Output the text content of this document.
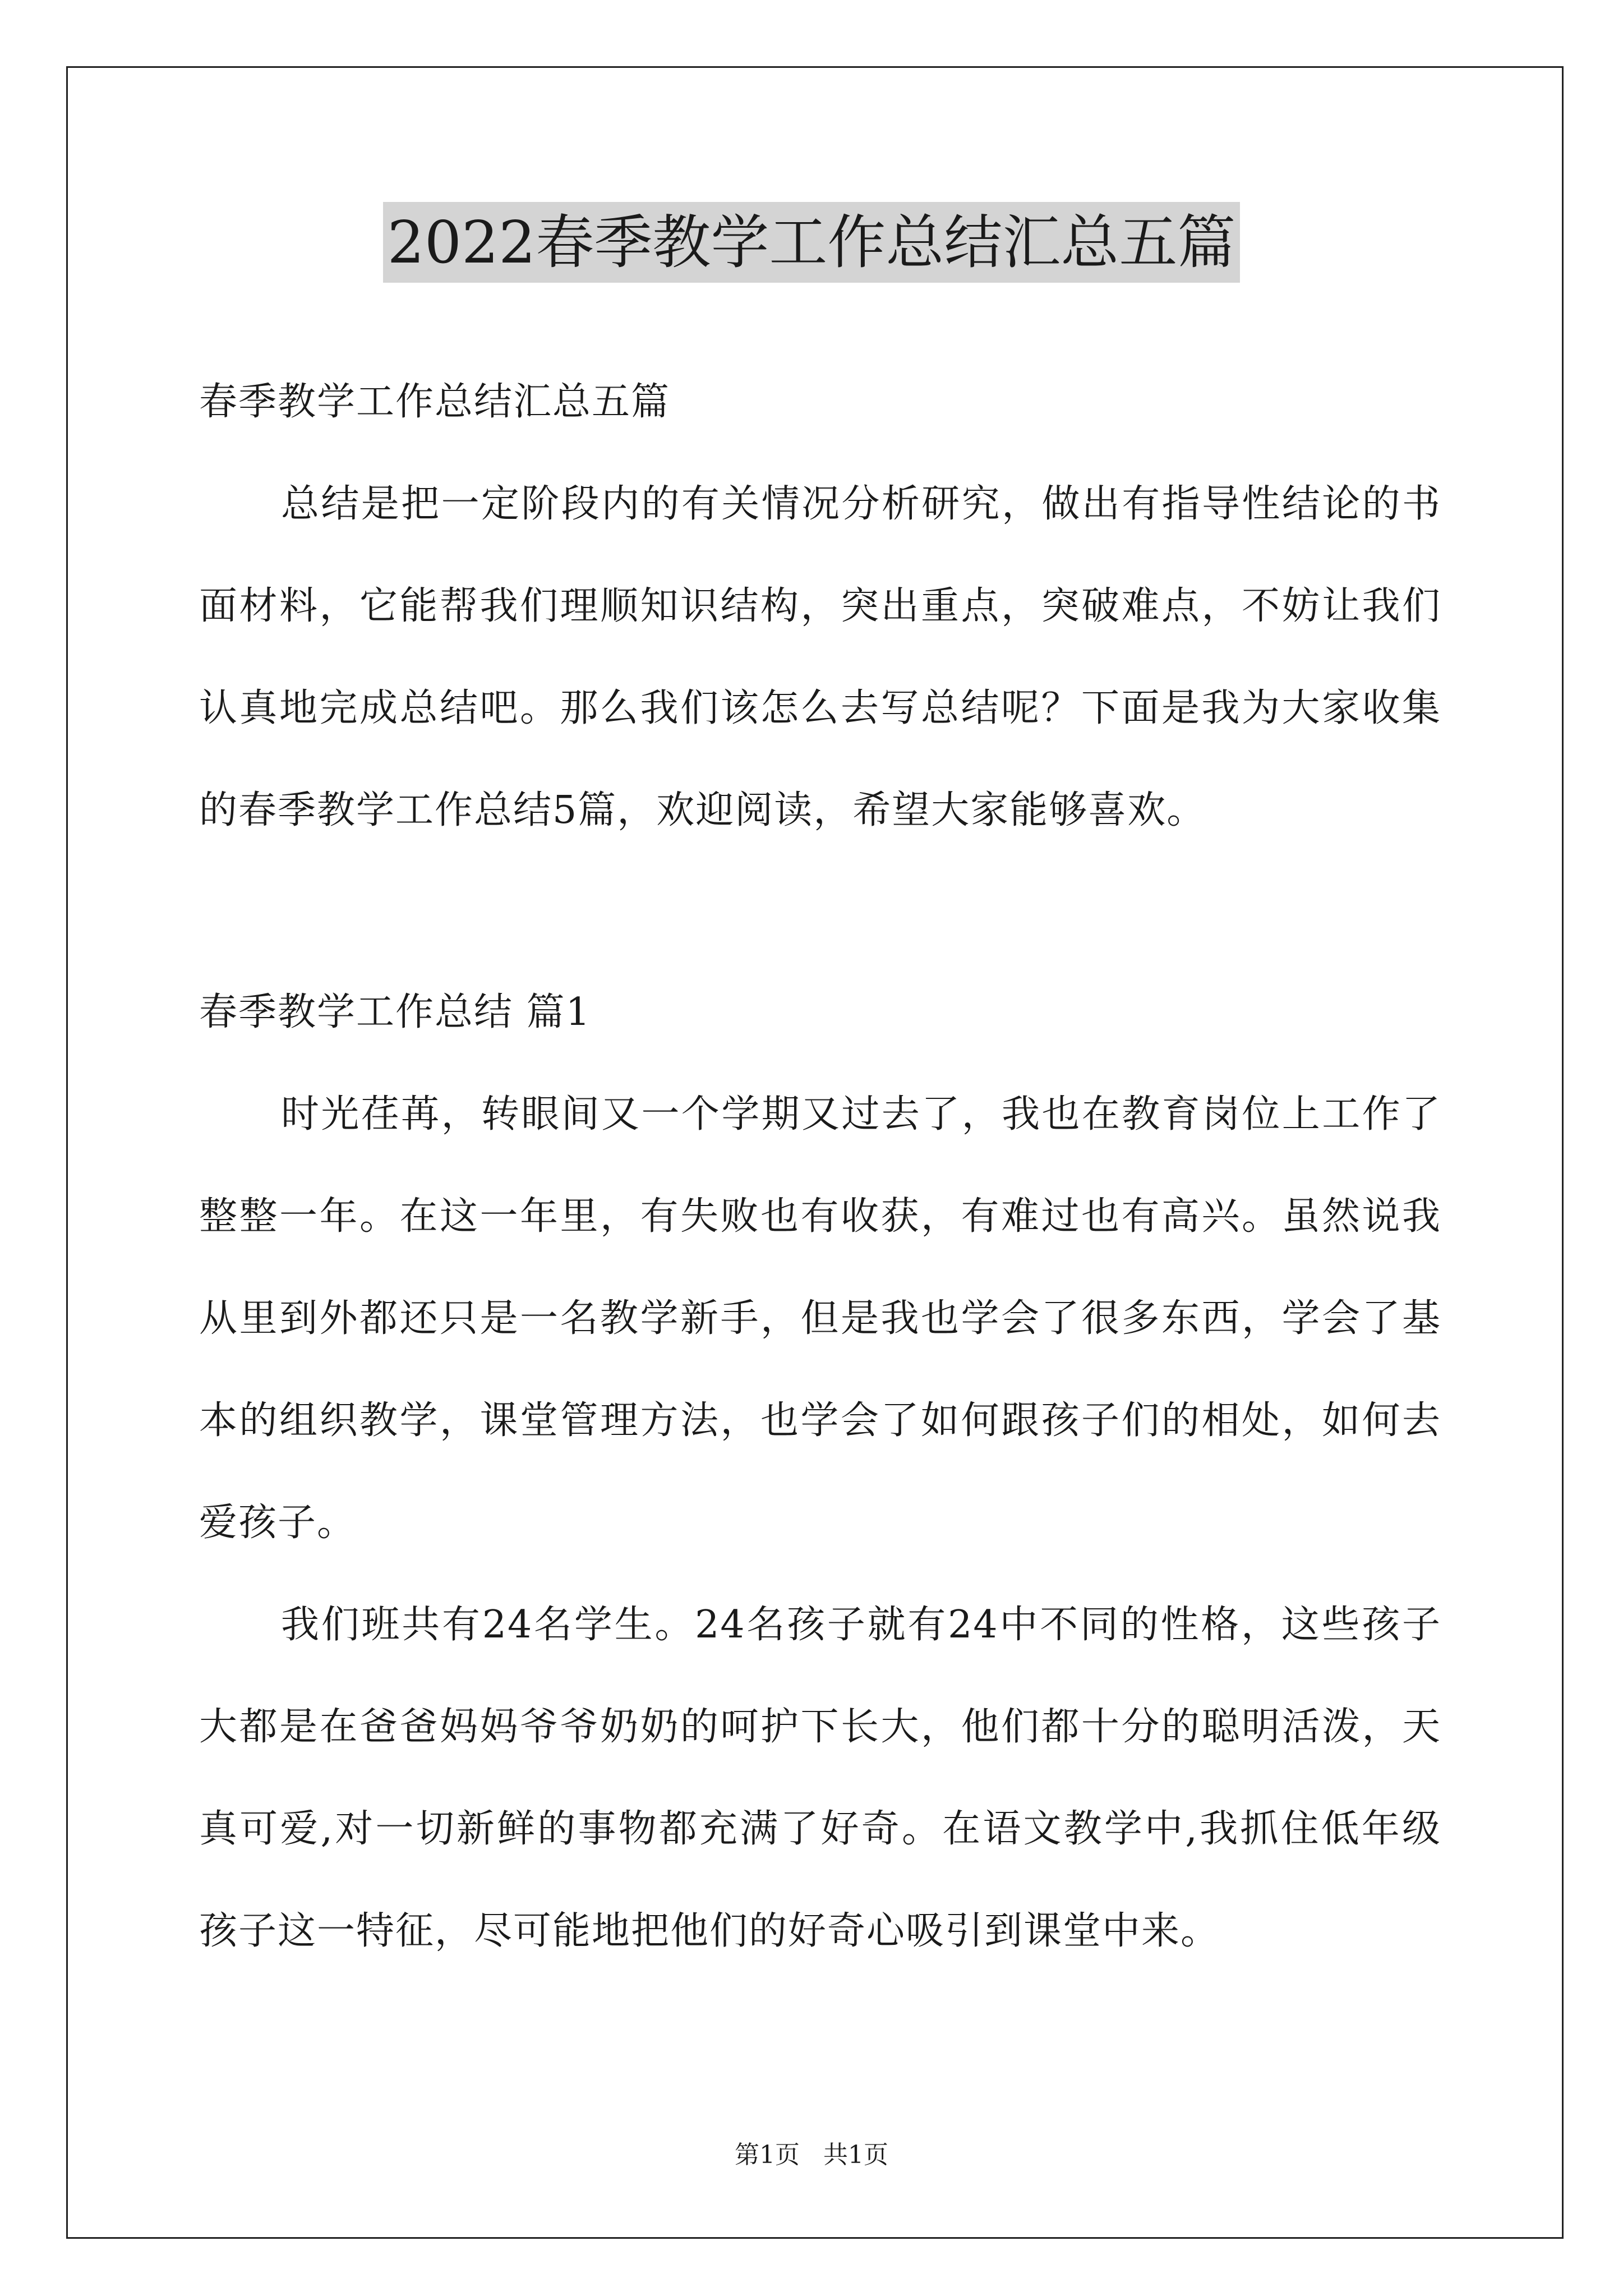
2022春季教学工作总结汇总五篇

春季教学工作总结汇总五篇

总结是把一定阶段内的有关情况分析研究，做出有指导性结论的书面材料，它能帮我们理顺知识结构，突出重点，突破难点，不妨让我们认真地完成总结吧。那么我们该怎么去写总结呢？下面是我为大家收集的春季教学工作总结5篇，欢迎阅读，希望大家能够喜欢。

春季教学工作总结 篇1

时光荏苒，转眼间又一个学期又过去了，我也在教育岗位上工作了整整一年。在这一年里，有失败也有收获，有难过也有高兴。虽然说我从里到外都还只是一名教学新手，但是我也学会了很多东西，学会了基本的组织教学，课堂管理方法，也学会了如何跟孩子们的相处，如何去爱孩子。

我们班共有24名学生。24名孩子就有24中不同的性格，这些孩子大都是在爸爸妈妈爷爷奶奶的呵护下长大，他们都十分的聪明活泼，天真可爱,对一切新鲜的事物都充满了好奇。在语文教学中,我抓住低年级孩子这一特征，尽可能地把他们的好奇心吸引到课堂中来。

第1页   共1页
